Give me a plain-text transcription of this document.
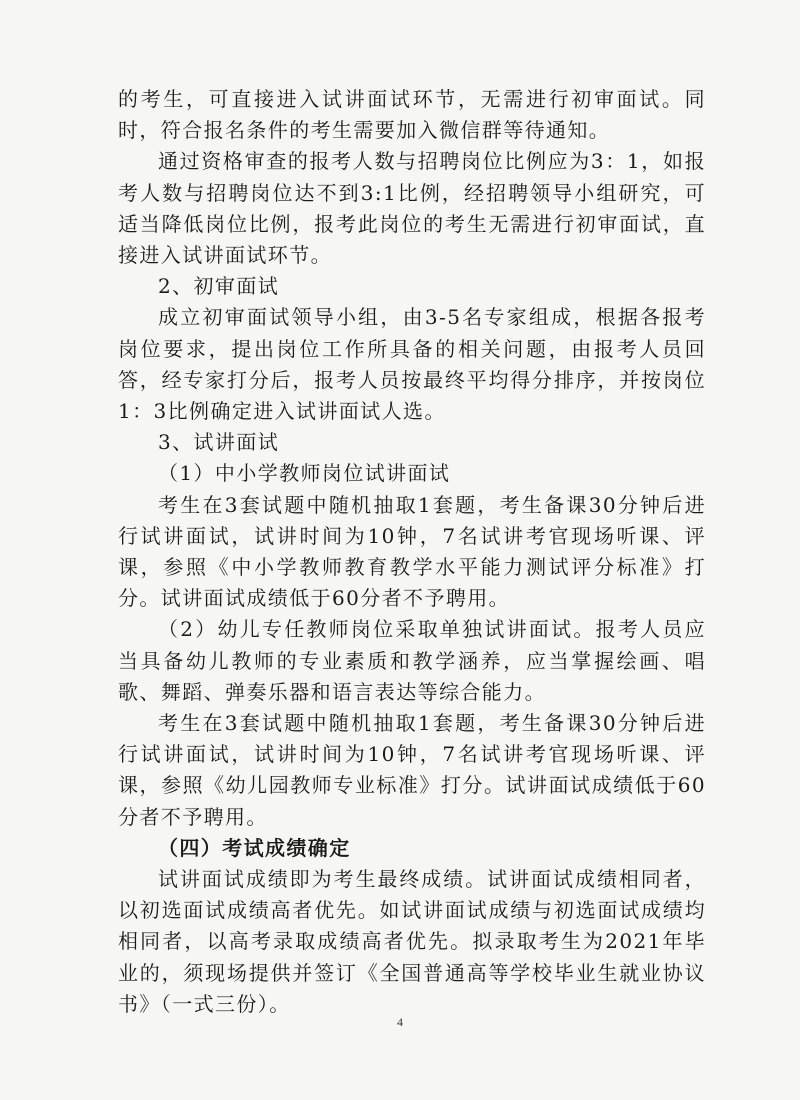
的考生，可直接进入试讲面试环节，无需进行初审面试。同时，符合报名条件的考生需要加入微信群等待通知。

通过资格审查的报考人数与招聘岗位比例应为3：1，如报考人数与招聘岗位达不到3:1比例，经招聘领导小组研究，可适当降低岗位比例，报考此岗位的考生无需进行初审面试，直接进入试讲面试环节。

2、初审面试

成立初审面试领导小组，由3-5名专家组成，根据各报考岗位要求，提出岗位工作所具备的相关问题，由报考人员回答，经专家打分后，报考人员按最终平均得分排序，并按岗位1：3比例确定进入试讲面试人选。

3、试讲面试

（1）中小学教师岗位试讲面试

考生在3套试题中随机抽取1套题，考生备课30分钟后进行试讲面试，试讲时间为10钟，7名试讲考官现场听课、评课，参照《中小学教师教育教学水平能力测试评分标准》打分。试讲面试成绩低于60分者不予聘用。

（2）幼儿专任教师岗位采取单独试讲面试。报考人员应当具备幼儿教师的专业素质和教学涵养，应当掌握绘画、唱歌、舞蹈、弹奏乐器和语言表达等综合能力。

考生在3套试题中随机抽取1套题，考生备课30分钟后进行试讲面试，试讲时间为10钟，7名试讲考官现场听课、评课，参照《幼儿园教师专业标准》打分。试讲面试成绩低于60分者不予聘用。

（四）考试成绩确定

试讲面试成绩即为考生最终成绩。试讲面试成绩相同者，以初选面试成绩高者优先。如试讲面试成绩与初选面试成绩均相同者，以高考录取成绩高者优先。拟录取考生为2021年毕业的，须现场提供并签订《全国普通高等学校毕业生就业协议书》（一式三份）。

4
